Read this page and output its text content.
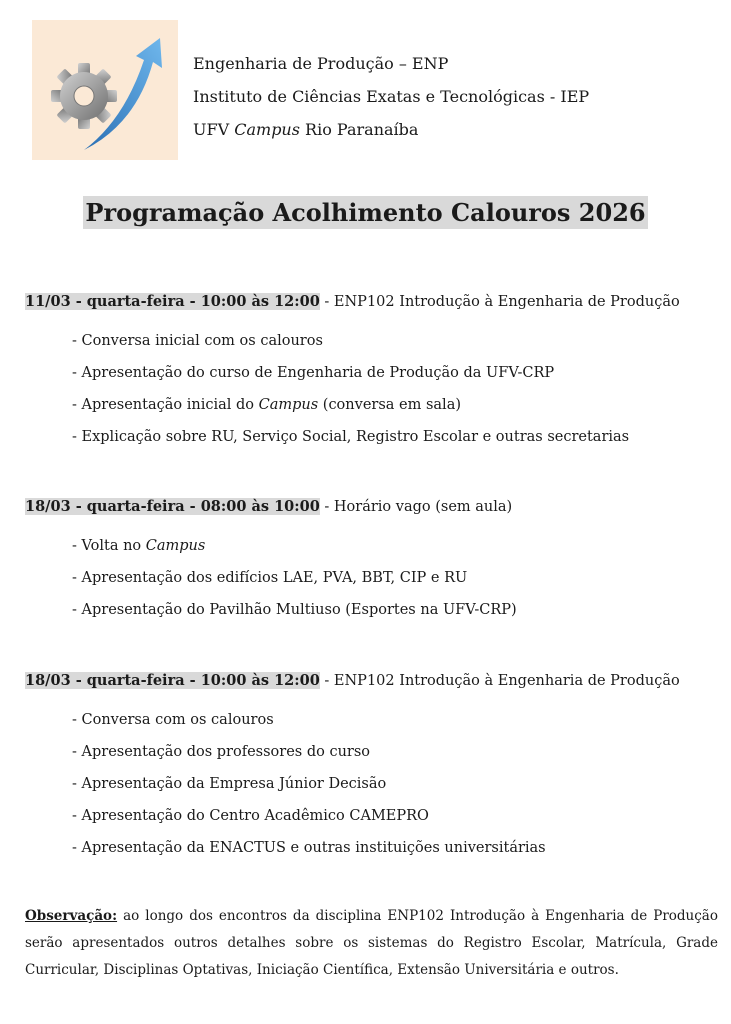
Engenharia de Produção – ENP
Instituto de Ciências Exatas e Tecnológicas - IEP
UFV Campus Rio Paranaíba
Programação Acolhimento Calouros 2026
11/03 - quarta-feira - 10:00 às 12:00 - ENP102 Introdução à Engenharia de Produção
- Conversa inicial com os calouros
- Apresentação do curso de Engenharia de Produção da UFV-CRP
- Apresentação inicial do Campus (conversa em sala)
- Explicação sobre RU, Serviço Social, Registro Escolar e outras secretarias
18/03 - quarta-feira - 08:00 às 10:00 - Horário vago (sem aula)
- Volta no Campus
- Apresentação dos edifícios LAE, PVA, BBT, CIP e RU
- Apresentação do Pavilhão Multiuso (Esportes na UFV-CRP)
18/03 - quarta-feira - 10:00 às 12:00 - ENP102 Introdução à Engenharia de Produção
- Conversa com os calouros
- Apresentação dos professores do curso
- Apresentação da Empresa Júnior Decisão
- Apresentação do Centro Acadêmico CAMEPRO
- Apresentação da ENACTUS e outras instituições universitárias
Observação: ao longo dos encontros da disciplina ENP102 Introdução à Engenharia de Produção serão apresentados outros detalhes sobre os sistemas do Registro Escolar, Matrícula, Grade Curricular, Disciplinas Optativas, Iniciação Científica, Extensão Universitária e outros.
